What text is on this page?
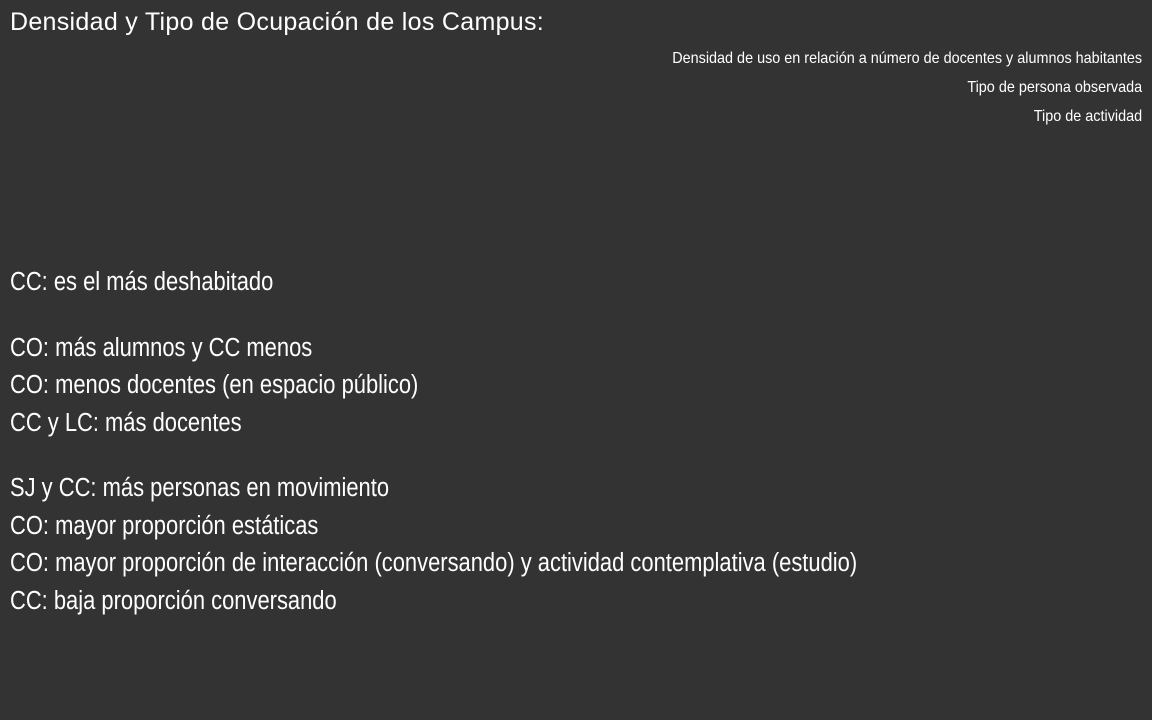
Densidad y Tipo de Ocupación de los Campus:
Densidad de uso en relación a número de docentes y alumnos habitantes
Tipo de persona observada
Tipo de actividad
CC: es el más deshabitado
CO: más alumnos y CC menos
CO: menos docentes (en espacio público)
CC y LC: más docentes
SJ y CC: más personas en movimiento
CO: mayor proporción estáticas
CO: mayor proporción de interacción (conversando) y actividad contemplativa (estudio)
CC: baja proporción conversando
